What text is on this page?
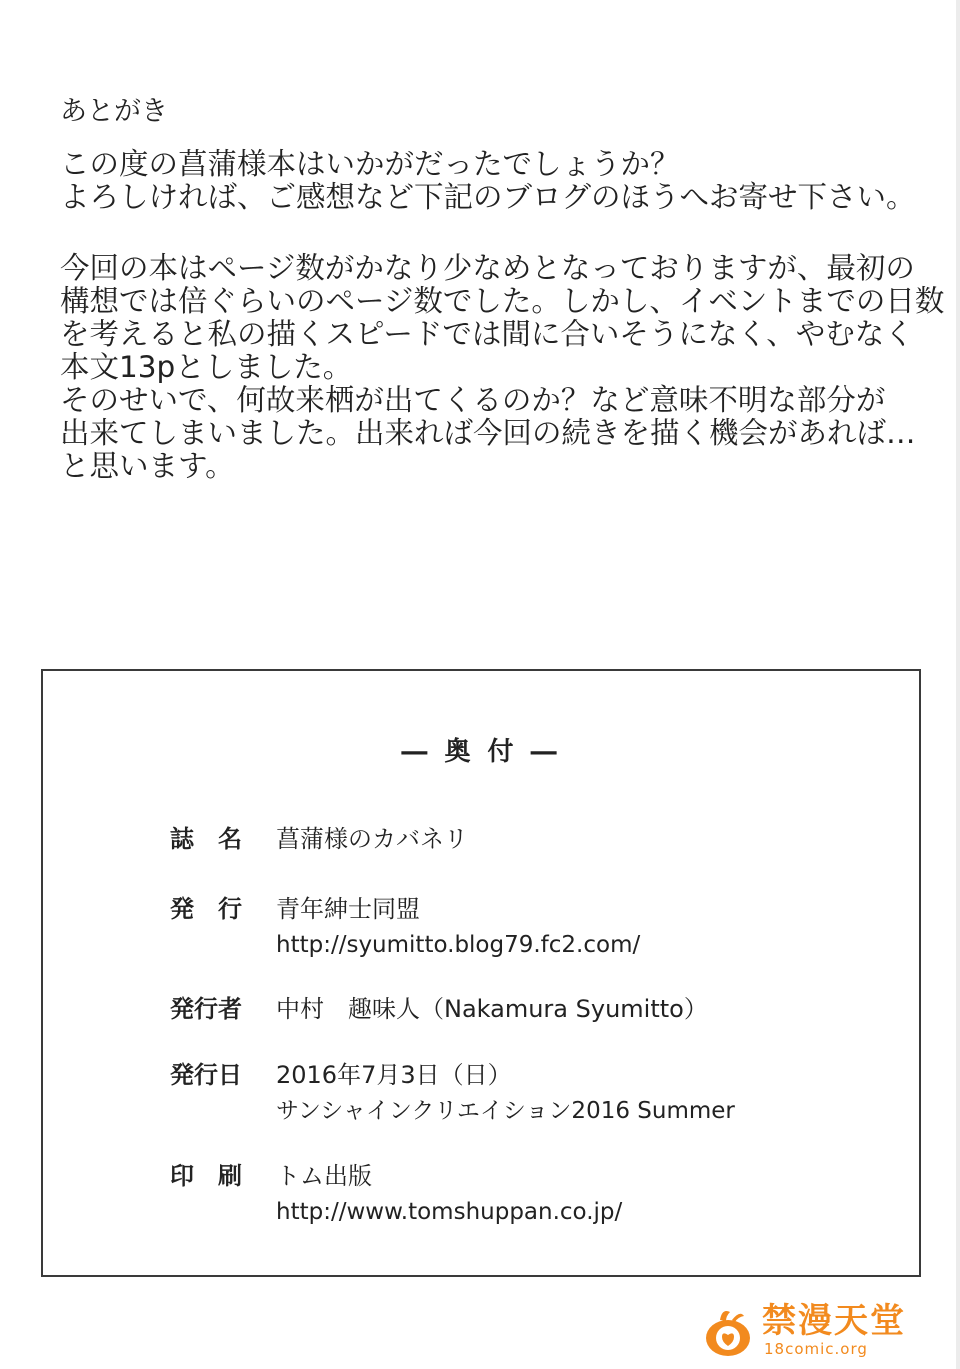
あとがき

この度の菖蒲様本はいかがだったでしょうか？
よろしければ、ご感想など下記のブログのほうへお寄せ下さい。
今回の本はページ数がかなり少なめとなっておりますが、最初の
構想では倍ぐらいのページ数でした。しかし、イベントまでの日数
を考えると私の描くスピードでは間に合いそうになく、やむなく
本文13pとしました。
そのせいで、何故来栖が出てくるのか？など意味不明な部分が
出来てしまいました。出来れば今回の続きを描く機会があれば…
と思います。
― 奥 付 ―
誌　名 菖蒲様のカバネリ
発　行 青年紳士同盟
http://syumitto.blog79.fc2.com/
発行者 中村　趣味人（Nakamura Syumitto）
発行日 2016年7月3日（日）
サンシャインクリエイション2016 Summer
印　刷 トム出版
http://www.tomshuppan.co.jp/
禁漫天堂
18comic.org
